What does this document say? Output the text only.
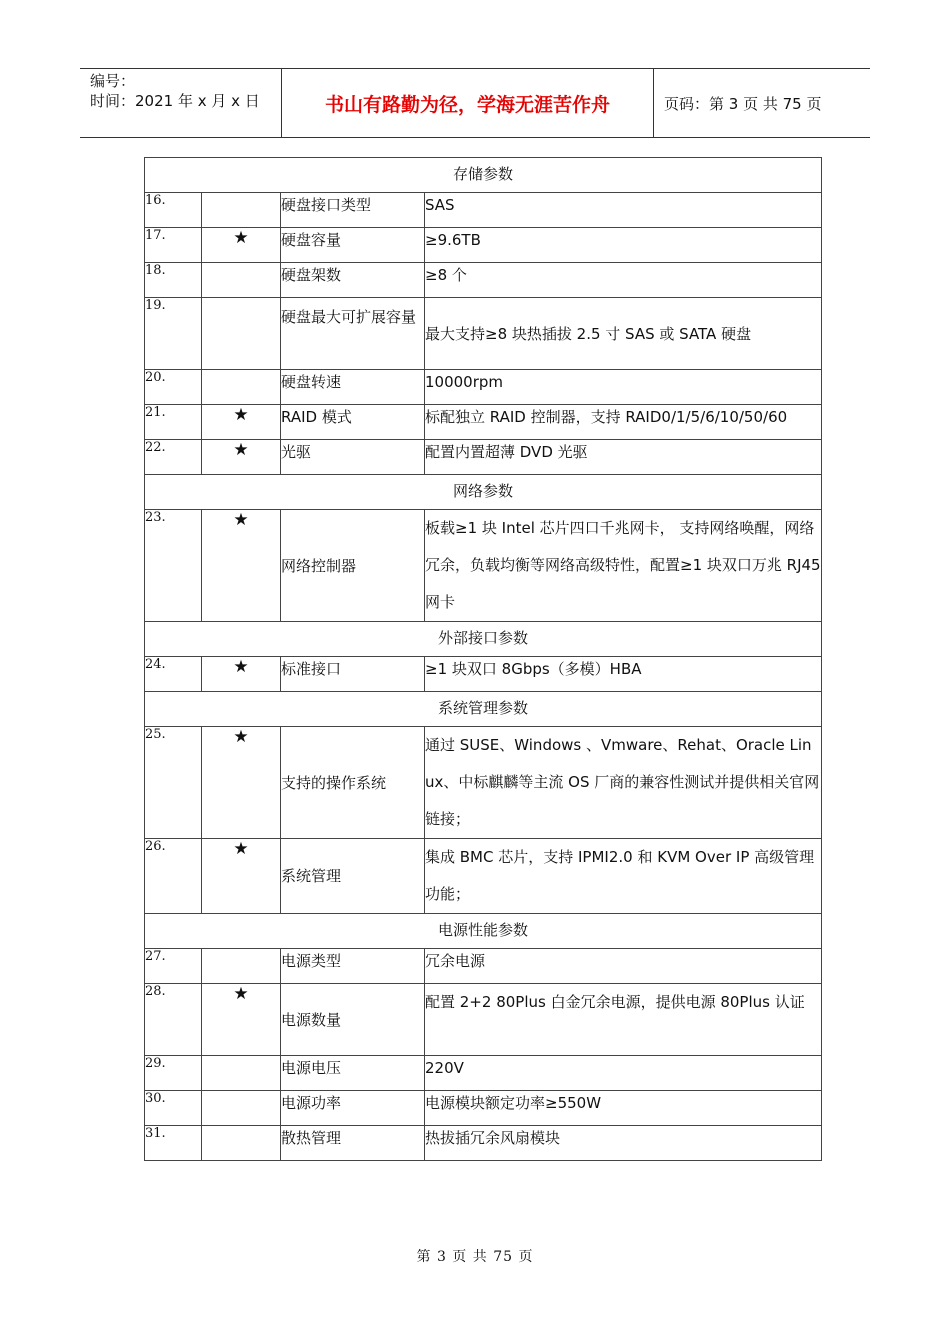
编号：
时间：2021 年 x 月 x 日	书山有路勤为径，学海无涯苦作舟	页码：第 3 页 共 75 页
存储参数			
16.		硬盘接口类型	SAS
17.	★	硬盘容量	≥9.6TB
18.		硬盘架数	≥8 个
19.		硬盘最大可扩展容量	最大支持≥8 块热插拔 2.5 寸 SAS 或 SATA 硬盘
20.		硬盘转速	10000rpm
21.	★	RAID 模式	标配独立 RAID 控制器，支持 RAID0/1/5/6/10/50/60
22.	★	光驱	配置内置超薄 DVD 光驱
网络参数			
23.	★	网络控制器	板载≥1 块 Intel 芯片四口千兆网卡， 支持网络唤醒，网络冗余，负载均衡等网络高级特性，配置≥1 块双口万兆 RJ45 网卡
外部接口参数			
24.	★	标准接口	≥1 块双口 8Gbps（多模）HBA
系统管理参数			
25.	★	支持的操作系统	通过 SUSE、Windows 、Vmware、Rehat、Oracle Linux、中标麒麟等主流 OS 厂商的兼容性测试并提供相关官网链接；
26.	★	系统管理	集成 BMC 芯片，支持 IPMI2.0 和 KVM Over IP 高级管理功能；
电源性能参数			
27.		电源类型	冗余电源
28.	★	电源数量	配置 2+2 80Plus 白金冗余电源，提供电源 80Plus 认证
29.		电源电压	220V
30.		电源功率	电源模块额定功率≥550W
31.		散热管理	热拔插冗余风扇模块
第 3 页 共 75 页
